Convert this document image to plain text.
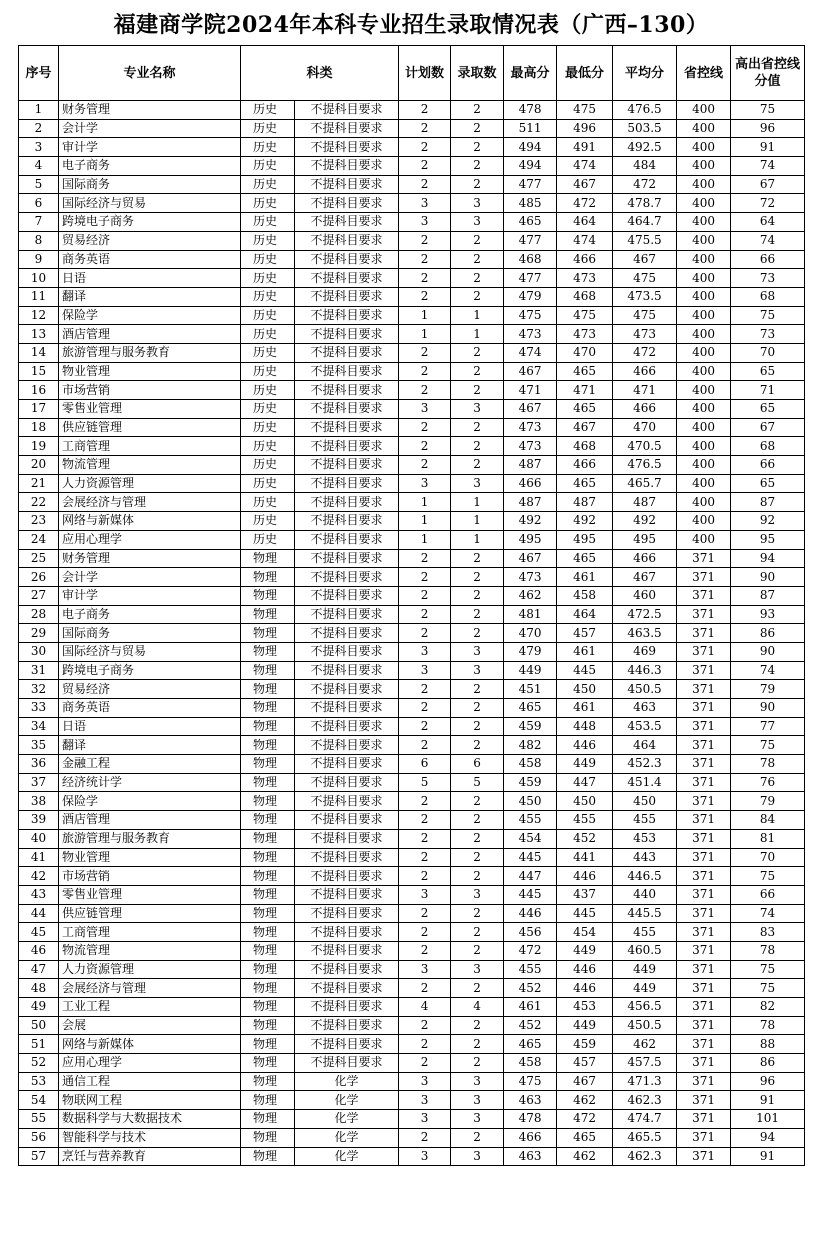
福建商学院2024年本科专业招生录取情况表（广西–130）
序号	专业名称	科类		计划数	录取数	最高分	最低分	平均分	省控线	高出省控线分值
1	财务管理	历史	不提科目要求	2	2	478	475	476.5	400	75
2	会计学	历史	不提科目要求	2	2	511	496	503.5	400	96
3	审计学	历史	不提科目要求	2	2	494	491	492.5	400	91
4	电子商务	历史	不提科目要求	2	2	494	474	484	400	74
5	国际商务	历史	不提科目要求	2	2	477	467	472	400	67
6	国际经济与贸易	历史	不提科目要求	3	3	485	472	478.7	400	72
7	跨境电子商务	历史	不提科目要求	3	3	465	464	464.7	400	64
8	贸易经济	历史	不提科目要求	2	2	477	474	475.5	400	74
9	商务英语	历史	不提科目要求	2	2	468	466	467	400	66
10	日语	历史	不提科目要求	2	2	477	473	475	400	73
11	翻译	历史	不提科目要求	2	2	479	468	473.5	400	68
12	保险学	历史	不提科目要求	1	1	475	475	475	400	75
13	酒店管理	历史	不提科目要求	1	1	473	473	473	400	73
14	旅游管理与服务教育	历史	不提科目要求	2	2	474	470	472	400	70
15	物业管理	历史	不提科目要求	2	2	467	465	466	400	65
16	市场营销	历史	不提科目要求	2	2	471	471	471	400	71
17	零售业管理	历史	不提科目要求	3	3	467	465	466	400	65
18	供应链管理	历史	不提科目要求	2	2	473	467	470	400	67
19	工商管理	历史	不提科目要求	2	2	473	468	470.5	400	68
20	物流管理	历史	不提科目要求	2	2	487	466	476.5	400	66
21	人力资源管理	历史	不提科目要求	3	3	466	465	465.7	400	65
22	会展经济与管理	历史	不提科目要求	1	1	487	487	487	400	87
23	网络与新媒体	历史	不提科目要求	1	1	492	492	492	400	92
24	应用心理学	历史	不提科目要求	1	1	495	495	495	400	95
25	财务管理	物理	不提科目要求	2	2	467	465	466	371	94
26	会计学	物理	不提科目要求	2	2	473	461	467	371	90
27	审计学	物理	不提科目要求	2	2	462	458	460	371	87
28	电子商务	物理	不提科目要求	2	2	481	464	472.5	371	93
29	国际商务	物理	不提科目要求	2	2	470	457	463.5	371	86
30	国际经济与贸易	物理	不提科目要求	3	3	479	461	469	371	90
31	跨境电子商务	物理	不提科目要求	3	3	449	445	446.3	371	74
32	贸易经济	物理	不提科目要求	2	2	451	450	450.5	371	79
33	商务英语	物理	不提科目要求	2	2	465	461	463	371	90
34	日语	物理	不提科目要求	2	2	459	448	453.5	371	77
35	翻译	物理	不提科目要求	2	2	482	446	464	371	75
36	金融工程	物理	不提科目要求	6	6	458	449	452.3	371	78
37	经济统计学	物理	不提科目要求	5	5	459	447	451.4	371	76
38	保险学	物理	不提科目要求	2	2	450	450	450	371	79
39	酒店管理	物理	不提科目要求	2	2	455	455	455	371	84
40	旅游管理与服务教育	物理	不提科目要求	2	2	454	452	453	371	81
41	物业管理	物理	不提科目要求	2	2	445	441	443	371	70
42	市场营销	物理	不提科目要求	2	2	447	446	446.5	371	75
43	零售业管理	物理	不提科目要求	3	3	445	437	440	371	66
44	供应链管理	物理	不提科目要求	2	2	446	445	445.5	371	74
45	工商管理	物理	不提科目要求	2	2	456	454	455	371	83
46	物流管理	物理	不提科目要求	2	2	472	449	460.5	371	78
47	人力资源管理	物理	不提科目要求	3	3	455	446	449	371	75
48	会展经济与管理	物理	不提科目要求	2	2	452	446	449	371	75
49	工业工程	物理	不提科目要求	4	4	461	453	456.5	371	82
50	会展	物理	不提科目要求	2	2	452	449	450.5	371	78
51	网络与新媒体	物理	不提科目要求	2	2	465	459	462	371	88
52	应用心理学	物理	不提科目要求	2	2	458	457	457.5	371	86
53	通信工程	物理	化学	3	3	475	467	471.3	371	96
54	物联网工程	物理	化学	3	3	463	462	462.3	371	91
55	数据科学与大数据技术	物理	化学	3	3	478	472	474.7	371	101
56	智能科学与技术	物理	化学	2	2	466	465	465.5	371	94
57	烹饪与营养教育	物理	化学	3	3	463	462	462.3	371	91
